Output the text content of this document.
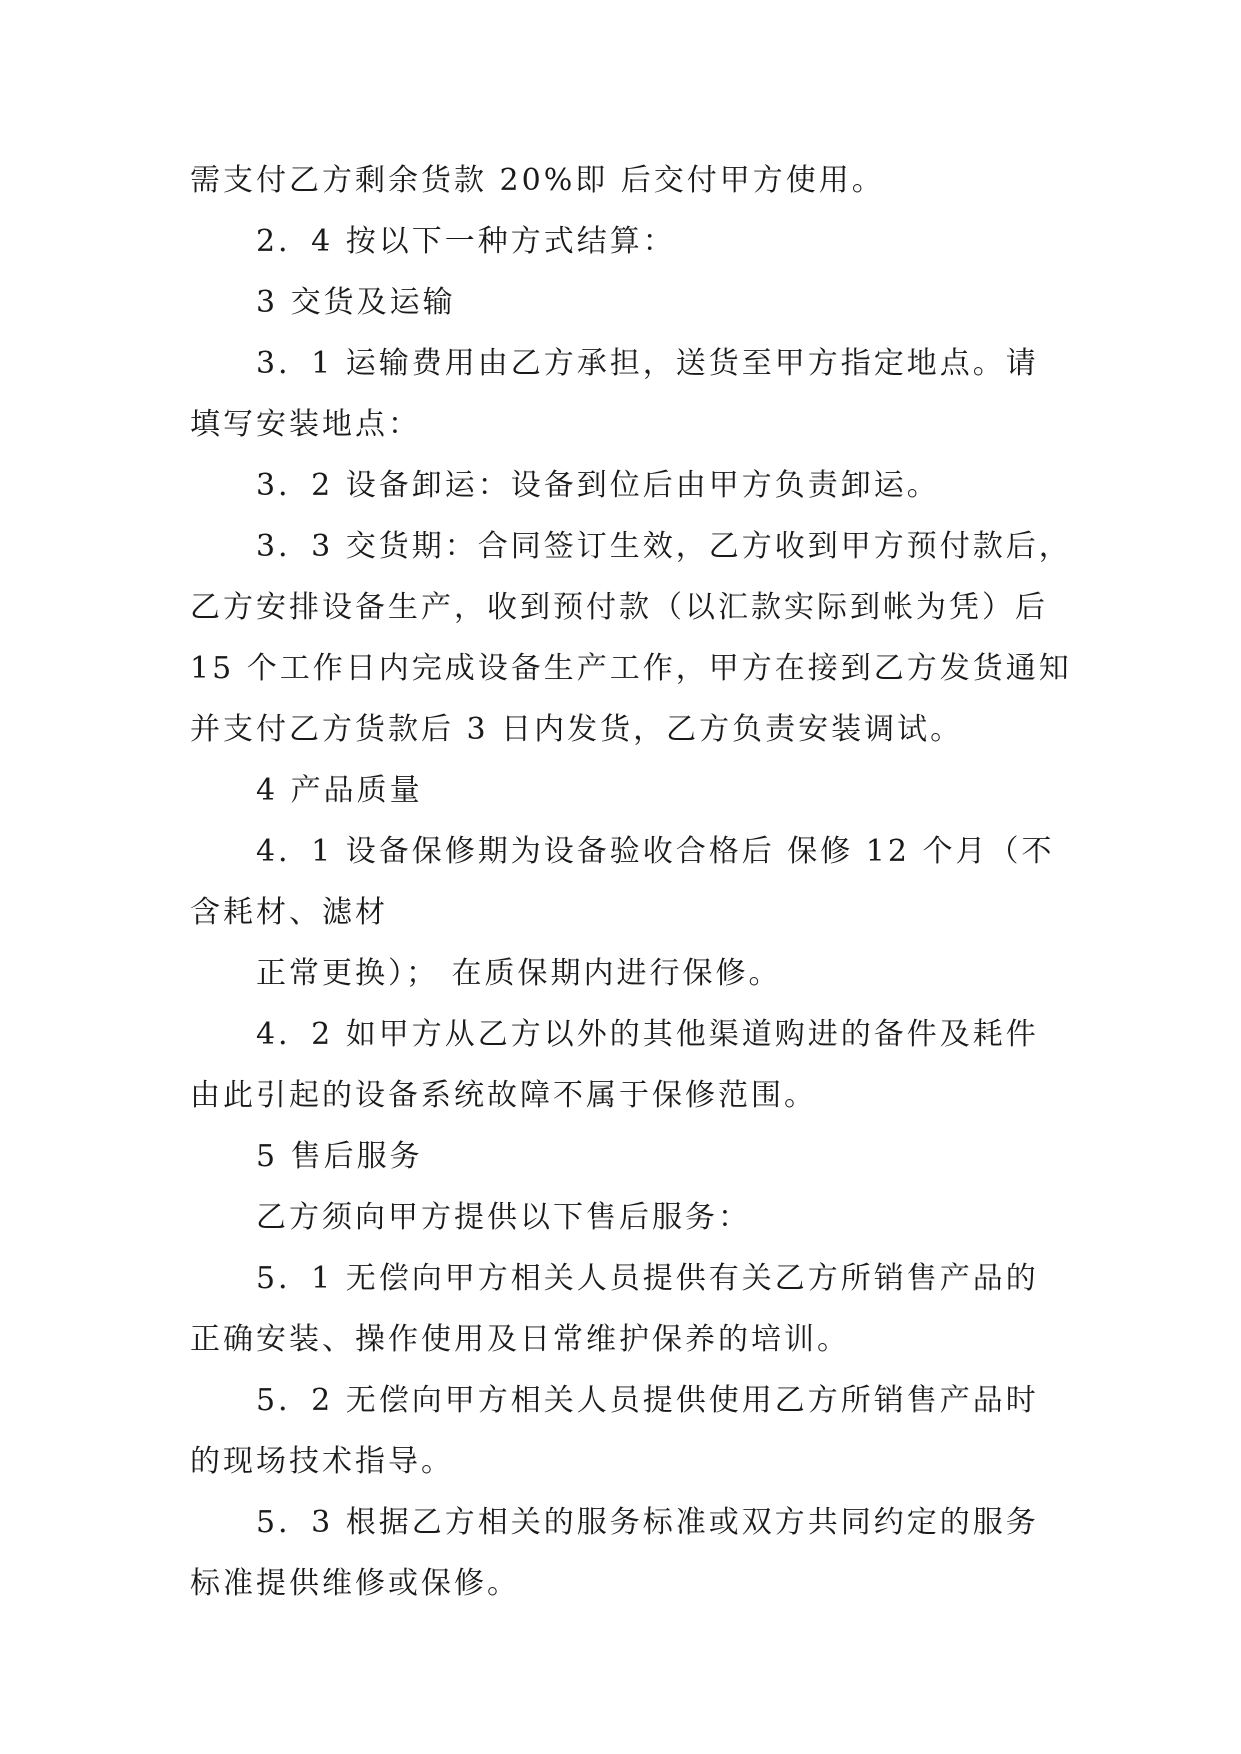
需支付乙方剩余货款 20%即 后交付甲方使用。

2．4 按以下一种方式结算：

3 交货及运输

3．1 运输费用由乙方承担，送货至甲方指定地点。请

填写安装地点：

3．2 设备卸运：设备到位后由甲方负责卸运。

3．3 交货期：合同签订生效，乙方收到甲方预付款后，

乙方安排设备生产，收到预付款（以汇款实际到帐为凭）后

15 个工作日内完成设备生产工作，甲方在接到乙方发货通知

并支付乙方货款后 3 日内发货，乙方负责安装调试。

4 产品质量

4．1 设备保修期为设备验收合格后 保修 12 个月（不

含耗材、滤材

正常更换）； 在质保期内进行保修。

4．2 如甲方从乙方以外的其他渠道购进的备件及耗件

由此引起的设备系统故障不属于保修范围。

5 售后服务

乙方须向甲方提供以下售后服务：

5．1 无偿向甲方相关人员提供有关乙方所销售产品的

正确安装、操作使用及日常维护保养的培训。

5．2 无偿向甲方相关人员提供使用乙方所销售产品时

的现场技术指导。

5．3 根据乙方相关的服务标准或双方共同约定的服务

标准提供维修或保修。
